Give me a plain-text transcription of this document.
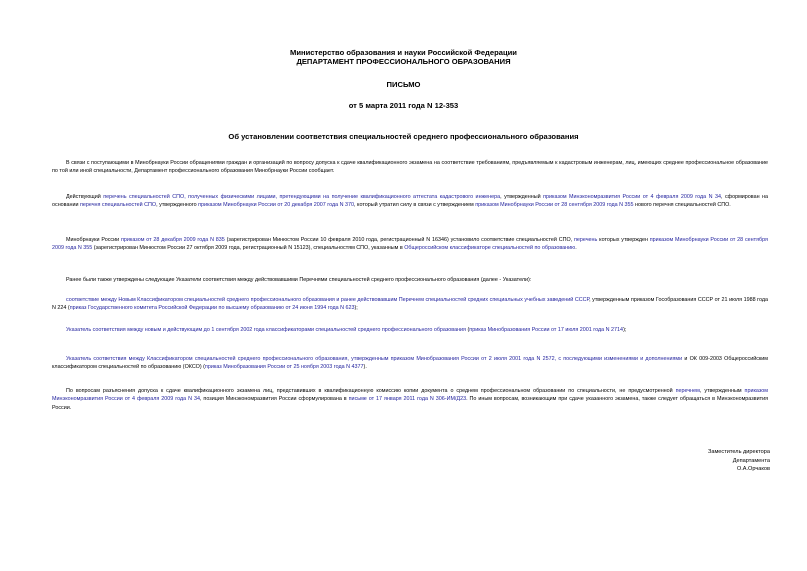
Министерство образования и науки Российской Федерации
ДЕПАРТАМЕНТ ПРОФЕССИОНАЛЬНОГО ОБРАЗОВАНИЯ
ПИСЬМО
от 5 марта 2011 года N 12-353
Об установлении соответствия специальностей среднего профессионального образования

В связи с поступающими в Минобрнауки России обращениями граждан и организаций по вопросу допуска к сдаче квалификационного экзамена на соответствие требованиям, предъявляемым к кадастровым инженерам, лиц, имеющих среднее профессиональное образование по той или иной специальности, Департамент профессионального образования Минобрнауки России сообщает.

Действующий перечень специальностей СПО, полученных физическими лицами, претендующими на получение квалификационного аттестата кадастрового инженера, утвержденный приказом Минэкономразвития России от 4 февраля 2009 года N 34, сформирован на основании перечня специальностей СПО, утвержденного приказом Минобрнауки России от 20 декабря 2007 года N 370, который утратил силу в связи с утверждением приказом Минобрнауки России от 28 сентября 2009 года N 355 нового перечня специальностей СПО.

Минобрнауки России приказом от 28 декабря 2009 года N 835 (зарегистрирован Минюстом России 10 февраля 2010 года, регистрационный N 16346) установило соответствие специальностей СПО, перечень которых утвержден приказом Минобрнауки России от 28 сентября 2009 года N 355 (зарегистрирован Минюстом России 27 октября 2009 года, регистрационный N 15123), специальностям СПО, указанным в Общероссийском классификаторе специальностей по образованию.

Ранее были также утверждены следующие Указатели соответствия между действовавшими Перечнями специальностей среднего профессионального образования (далее - Указатели):

соответствие между Новым Классификатором специальностей среднего профессионального образования и ранее действовавшим Перечнем специальностей средних специальных учебных заведений СССР, утвержденным приказом Гособразования СССР от 21 июля 1988 года N 224 (приказ Государственного комитета Российской Федерации по высшему образованию от 24 июня 1994 года N 623);

Указатель соответствия между новым и действующим до 1 сентября 2002 года классификаторами специальностей среднего профессионального образования (приказ Минобразования России от 17 июля 2001 года N 2714);

Указатель соответствия между Классификатором специальностей среднего профессионального образования, утвержденным приказом Минобразования России от 2 июля 2001 года N 2572, с последующими изменениями и дополнениями и ОК 009-2003 Общероссийским классификатором специальностей по образованию (ОКСО) (приказ Минобразования России от 25 ноября 2003 года N 4377).

По вопросам разъяснения допуска к сдаче квалификационного экзамена лиц, представивших в квалификационную комиссию копии документа о среднем профессиональном образовании по специальности, не предусмотренной перечнем, утвержденным приказом Минэкономразвития России от 4 февраля 2009 года N 34, позиция Минэкономразвития России сформулирована в письме от 17 января 2011 года N 306-ИМ/Д23. По иным вопросам, возникающим при сдаче указанного экзамена, также следует обращаться в Минэкономразвития России.

Заместитель директора
Департамента
О.А.Орчаков
